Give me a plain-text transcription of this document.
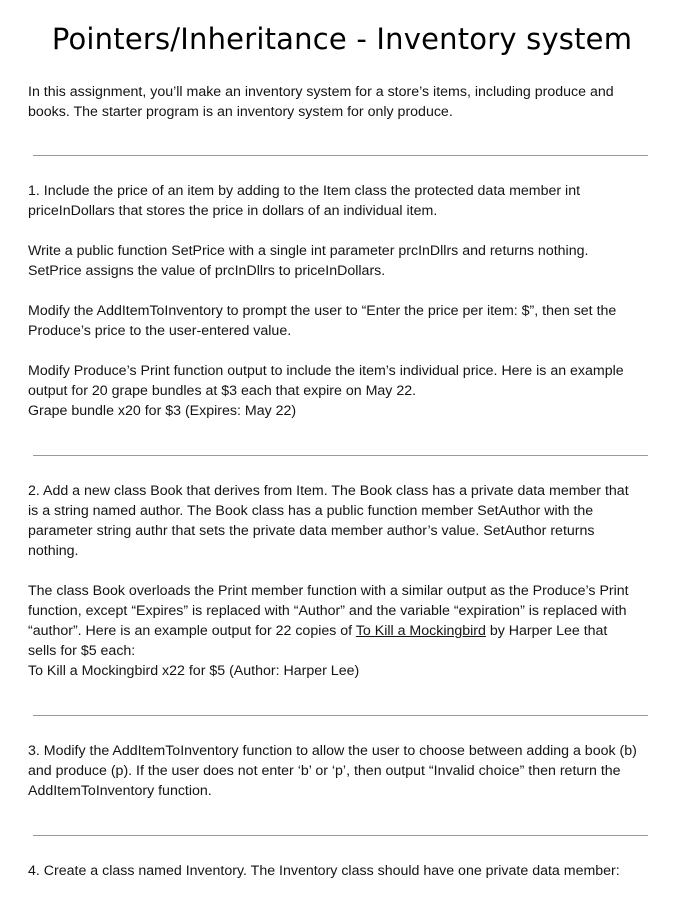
Pointers/Inheritance - Inventory system

In this assignment, you’ll make an inventory system for a store’s items, including produce and
books. The starter program is an inventory system for only produce.

1. Include the price of an item by adding to the Item class the protected data member int
priceInDollars that stores the price in dollars of an individual item.

Write a public function SetPrice with a single int parameter prcInDllrs and returns nothing.
SetPrice assigns the value of prcInDllrs to priceInDollars.

Modify the AddItemToInventory to prompt the user to “Enter the price per item: $”, then set the
Produce’s price to the user-entered value.

Modify Produce’s Print function output to include the item’s individual price. Here is an example
output for 20 grape bundles at $3 each that expire on May 22.
Grape bundle x20 for $3 (Expires: May 22)

2. Add a new class Book that derives from Item. The Book class has a private data member that
is a string named author. The Book class has a public function member SetAuthor with the
parameter string authr that sets the private data member author’s value. SetAuthor returns
nothing.

The class Book overloads the Print member function with a similar output as the Produce’s Print
function, except “Expires” is replaced with “Author” and the variable “expiration” is replaced with
“author”. Here is an example output for 22 copies of To Kill a Mockingbird by Harper Lee that
sells for $5 each:
To Kill a Mockingbird x22 for $5 (Author: Harper Lee)

3. Modify the AddItemToInventory function to allow the user to choose between adding a book (b)
and produce (p). If the user does not enter ‘b’ or ‘p’, then output “Invalid choice” then return the
AddItemToInventory function.

4. Create a class named Inventory. The Inventory class should have one private data member:
